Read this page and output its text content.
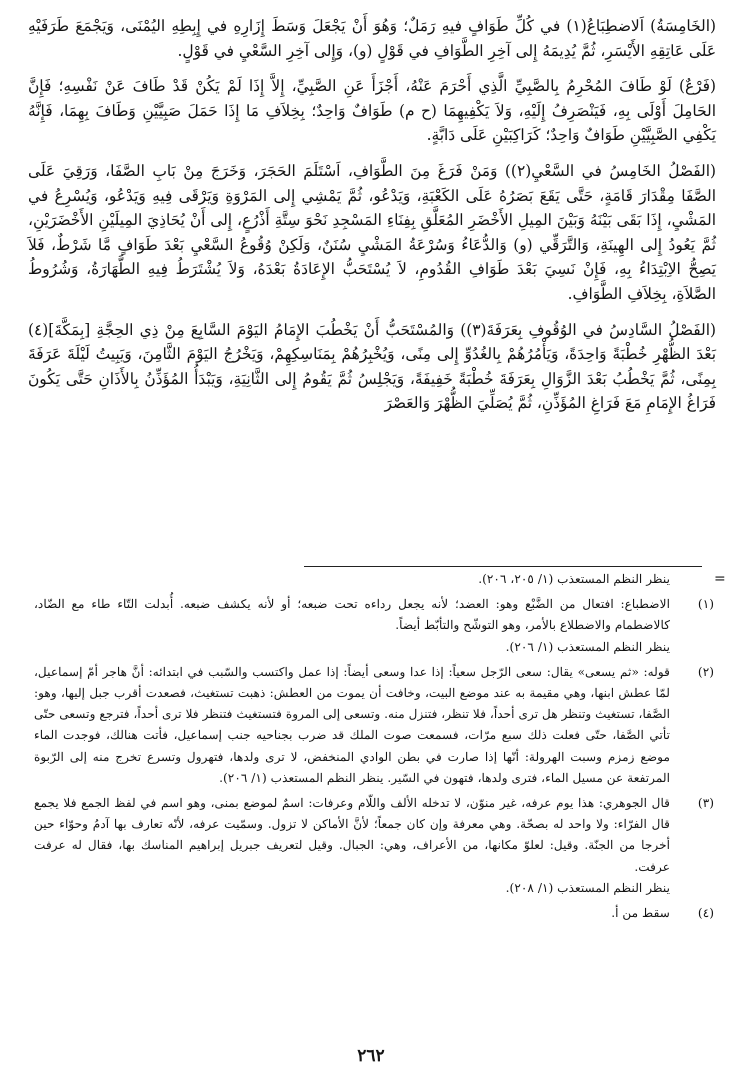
(الخَامِسَةُ) اَلاضطِبَاعُ(١) في كُلِّ طَوَافٍ فيهِ رَمَلٌ؛ وَهُوَ أَنْ يَجْعَلَ وَسَطَ إِزَارِهِ في إِبِطِهِ اليُمْنَى، وَيَجْمَعَ طَرَفَيْهِ عَلَى عَاتِقِهِ الأَيْسَرِ، ثُمَّ يُدِيمَهُ إِلى آخِرِ الطَّوَافِ في قَوْلٍ (و)، وَإِلى آخِرِ السَّعْيِ في قَوْلٍ.

(فَرْعٌ) لَوْ طَافَ المُحْرِمُ بِالصَّبِيِّ الَّذِي أَحْرَمَ عَنْهُ، أَجْزَأَ عَنِ الصَّبِيِّ، إِلاَّ إِذَا لَمْ يَكُنْ قَدْ طَافَ عَنْ نَفْسِهِ؛ فَإِنَّ الحَامِلَ أَوْلَى بِهِ، فَيَنْصَرِفُ إِلَيْهِ، وَلاَ يَكْفِيهِمَا (ح م) طَوَافٌ وَاحِدٌ؛ بِخِلاَفِ مَا إِذَا حَمَلَ صَبِيَّيْنِ وَطَافَ بِهِمَا، فَإِنَّهُ يَكْفِي الصَّبِيَّيْنِ طَوَافٌ وَاحِدٌ؛ كَرَاكِبَيْنِ عَلَى دَابَّةٍ.

(الفَصْلُ الخَامِسُ في السَّعْيِ(٢)) وَمَنْ فَرَغَ مِنَ الطَّوَافِ، اَسْتَلَمَ الحَجَرَ، وَخَرَجَ مِنْ بَابِ الصَّفَا، وَرَقِيَ عَلَى الصَّفَا مِقْدَارَ قَامَةٍ، حَتَّى يَقَعَ بَصَرُهُ عَلَى الكَعْبَةِ، وَيَدْعُو، ثُمَّ يَمْشِي إِلى المَرْوَةِ وَيَرْقَى فِيهِ وَيَدْعُو، وَيُسْرِعُ في المَشْيِ، إِذَا بَقَى بَيْنَهُ وَبَيْنَ المِيلِ الأَخْضَرِ المُعَلَّقِ بِفِنَاءِ المَسْجِدِ نَحْوَ سِتَّةِ أَذْرُعٍ، إِلى أَنْ يُحَاذِيَ المِيلَيْنِ الأَخْضَرَيْنِ، ثُمَّ يَعُودُ إِلى الهِينَةِ، وَالتَّرَقِّي (و) وَالدُّعَاءُ وَسُرْعَةُ المَشْيِ سُنَنٌ، وَلَكِنْ وُقُوعُ السَّعْيِ بَعْدَ طَوَافٍ مَّا شَرْطٌ، فَلاَ يَصِحُّ الاِبْتِدَاءُ بِهِ، فَإِنْ نَسِيَ بَعْدَ طَوَافِ القُدُومِ، لاَ يُسْتَحَبُّ الإِعَادَةُ بَعْدَهُ، وَلاَ يُشْتَرَطُ فِيهِ الطَّهَارَةُ، وَشُرُوطُ الصَّلاَةِ، بِخِلاَفِ الطَّوَافِ.

(الفَصْلُ السَّادِسُ في الوُقُوفِ بِعَرَفَةَ(٣)) وَالمُسْتَحَبُّ أَنْ يَخْطُبَ الإِمَامُ اليَوْمَ السَّابِعَ مِنْ ذِي الحِجَّةِ [بِمَكَّةَ](٤) بَعْدَ الظُّهْرِ خُطْبَةً وَاحِدَةً، وَيَأْمُرُهُمْ بِالغُدُوِّ إِلى مِنًى، وَيُخْبِرُهُمْ بِمَنَاسِكِهِمْ، وَيَخْرُجُ اليَوْمَ الثَّامِنَ، وَيَبِيتُ لَيْلَةَ عَرَفَةَ بِمِنًى، ثُمَّ يَخْطُبُ بَعْدَ الزَّوَالِ بِعَرَفَةَ خُطْبَةً خَفِيفَةً، وَيَجْلِسُ ثُمَّ يَقُومُ إِلى الثَّانِيَةِ، وَيَبْدَأُ المُؤَذِّنُ بِالأَذَانِ حَتَّى يَكُونَ فَرَاغُ الإِمَامِ مَعَ فَرَاغِ المُؤَذِّنِ، ثُمَّ يُصَلِّيَ الظُّهْرَ وَالعَصْرَ

=
ينظر النظم المستعذب (١/ ٢٠٥، ٢٠٦).
(١)
الاضطباع: افتعال من الضَّبْع وهو: العضد؛ لأنه يجعل رداءه تحت ضبعه؛ أو لأنه يكشف ضبعه. أُبدلت التّاء طاء مع الضّاد، كالاضطمام والاضطلاع بالأمر، وهو التوشّح والتأبّط أيضاً.
ينظر النظم المستعذب (١/ ٢٠٦).
(٢)
قوله: «ثم يسعى» يقال: سعى الرّجل سعياً: إذا عدا وسعى أيضاً: إذا عمل واكتسب والسّبب في ابتدائه: أنَّ هاجر أمّ إسماعيل، لمّا عطش ابنها، وهي مقيمة به عند موضع البيت، وخافت أن يموت من العطش: ذهبت تستغيث، فصعدت أقرب جبل إليها، وهو: الصَّفا، تستغيث وتنظر هل ترى أحداً، فلا تنظر، فتنزل منه. وتسعى إلى المروة فتستغيث فتنظر فلا ترى أحداً، فترجع وتسعى حتّى تأتي الصَّفا، حتّى فعلت ذلك سبع مرّات، فسمعت صوت الملك قد ضرب بجناحيه جنب إسماعيل، فأتت هنالك، فوجدت الماء موضع زمزم وسبت الهرولة: أنّها إذا صارت في بطن الوادي المنخفض، لا ترى ولدها، فتهرول وتسرع تخرج منه إلى الرّبوة المرتفعة عن مسيل الماء، فترى ولدها، فتهون في السّير. ينظر النظم المستعذب (١/ ٢٠٦).
(٣)
قال الجوهري: هذا يوم عرفه، غير منوّن، لا تدخله الألف واللّام وعرفات: اسمٌ لموضع بمنى، وهو اسم في لفظ الجمع فلا يجمع قال الفرّاء: ولا واحد له بصحّة. وهي معرفة وإن كان جمعاً؛ لأنَّ الأماكن لا تزول. وسمّيت عرفه، لأنّه تعارف بها آدمُ وحوّاء حين أخرجا من الجنّة. وقيل: لعلوّ مكانها، من الأعراف، وهي: الجبال. وقيل لتعريف جبريل إبراهيم المناسك بها، فقال له عرفت عرفت.
ينظر النظم المستعذب (١/ ٢٠٨).
(٤)
سقط من أ.
٢٦٢
